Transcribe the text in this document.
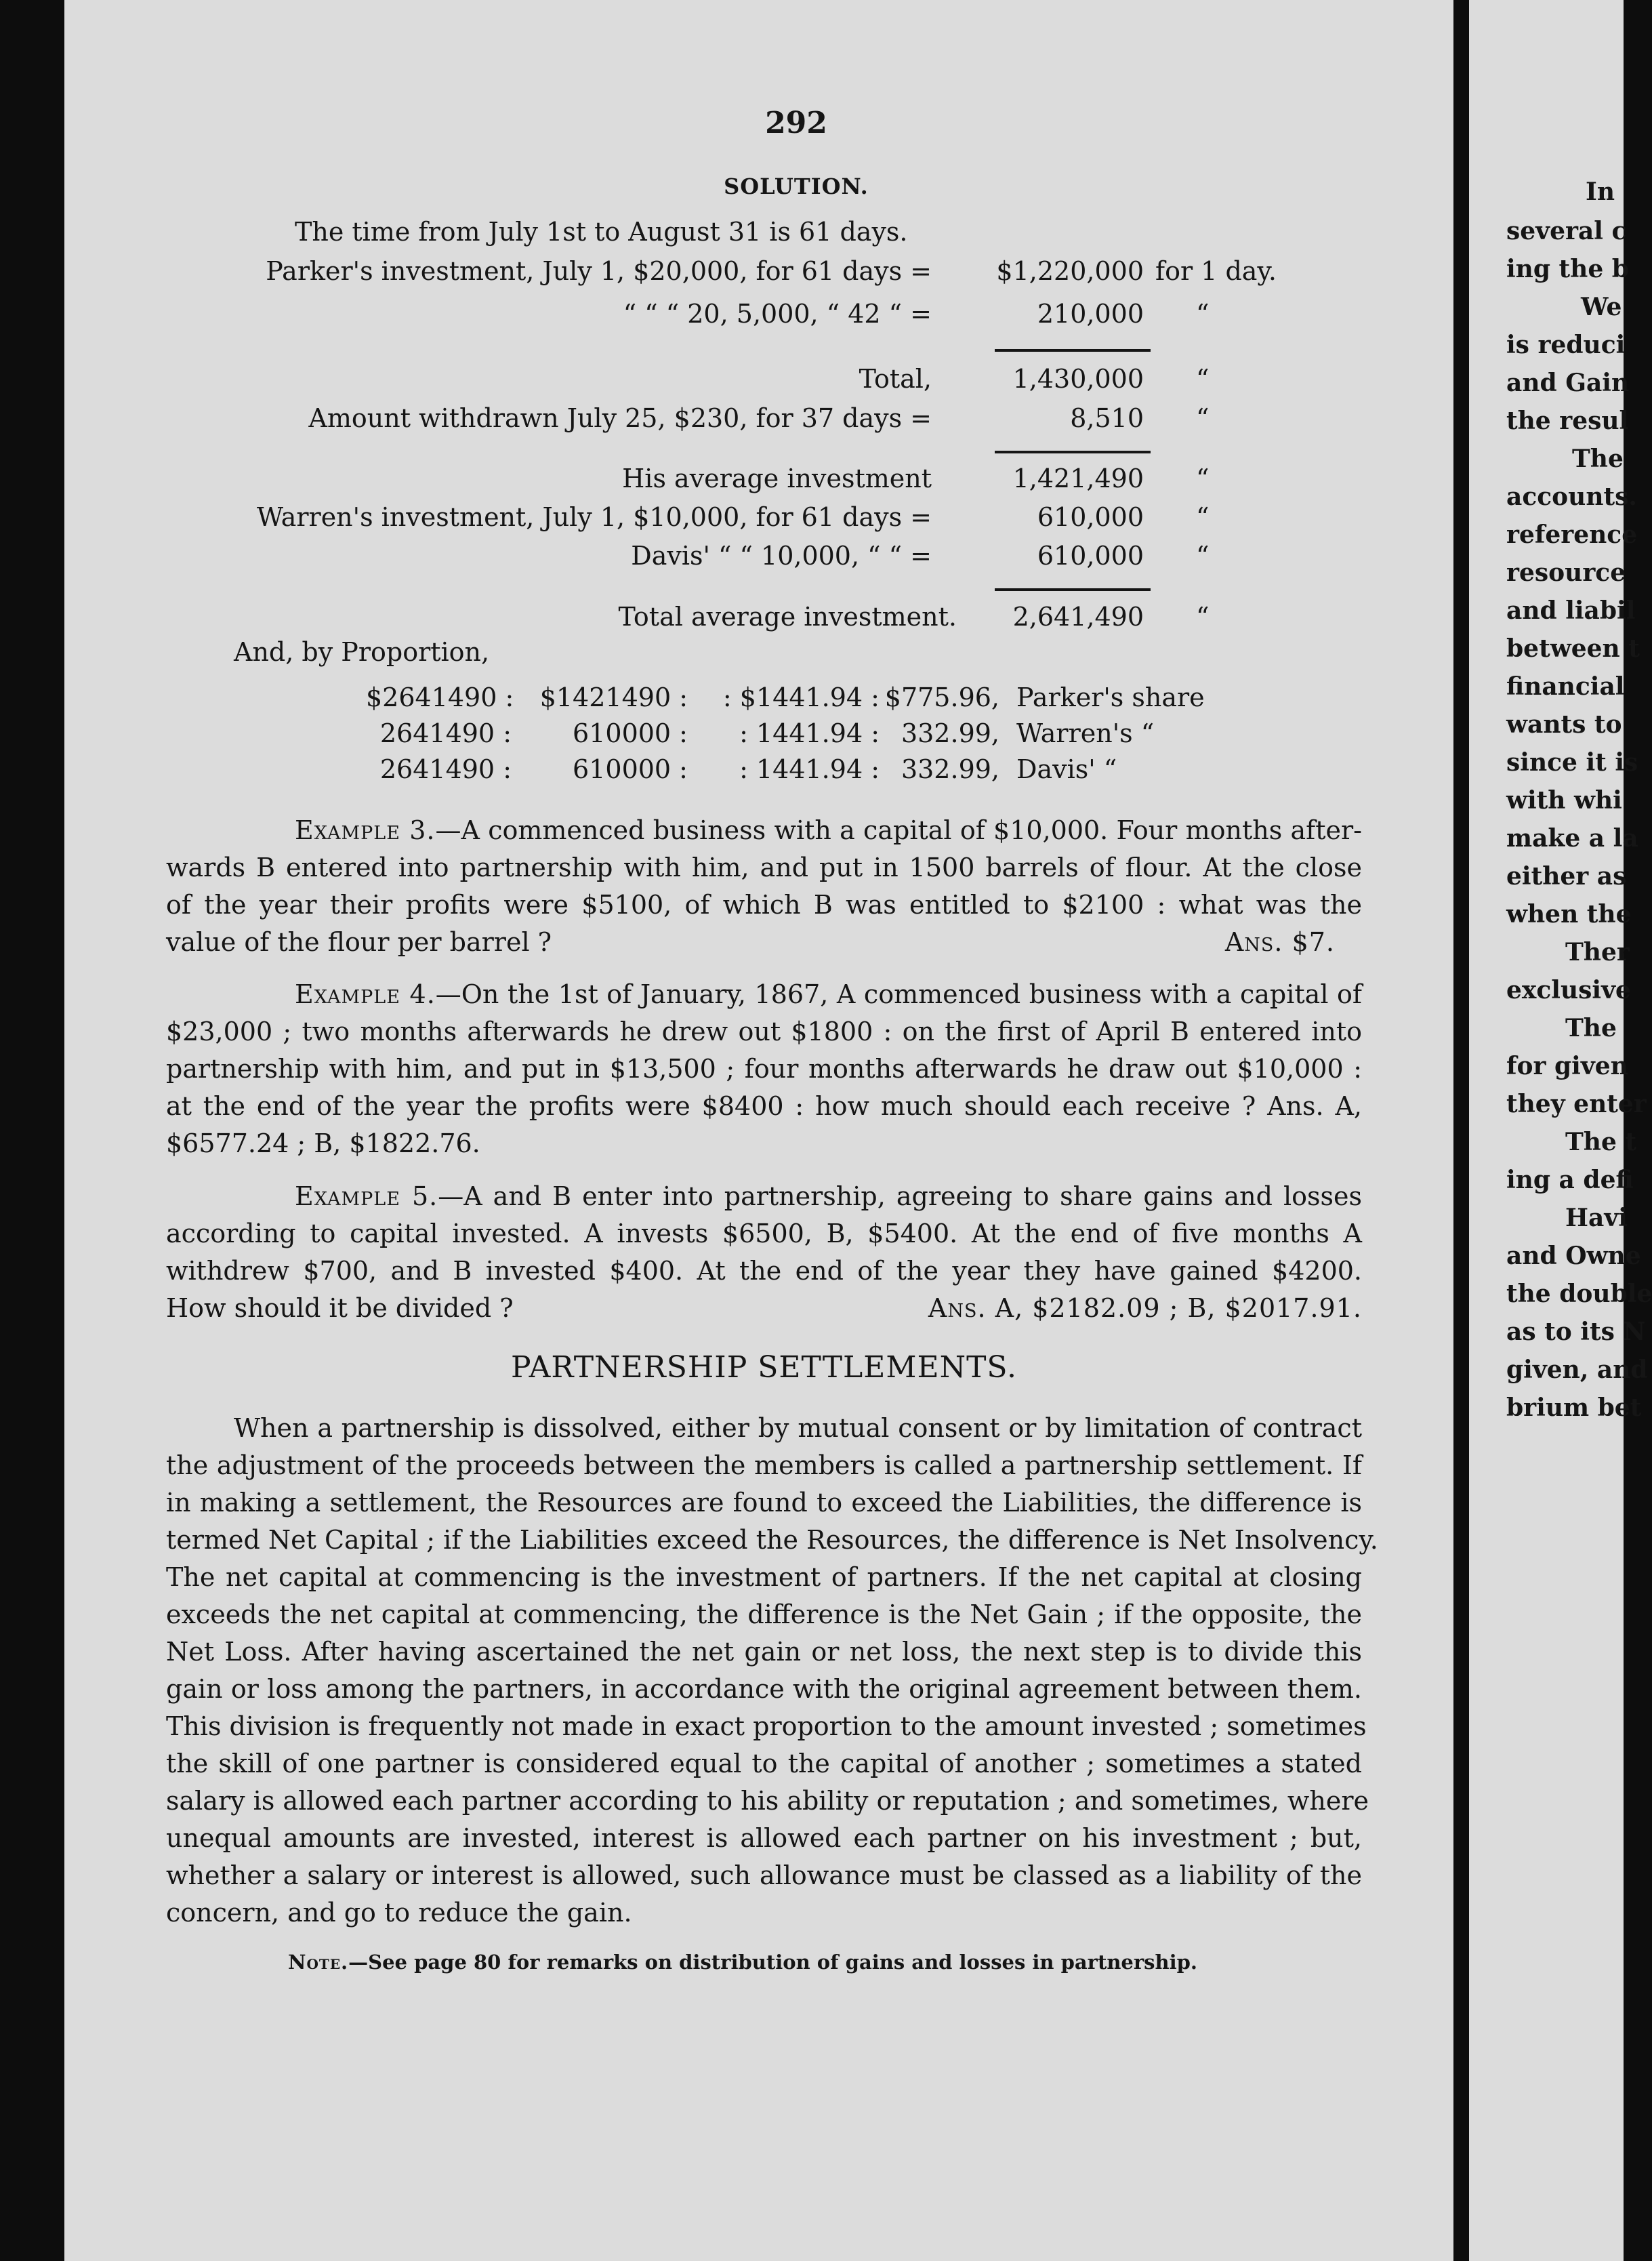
292
SOLUTION.
The time from July 1st to August 31 is 61 days.
Parker's investment, July 1, $20,000, for 61 days =	$1,220,000 for 1 day.
“ “ “ 20, 5,000, “ 42 “ =	210,000 “
Total,	1,430,000 “
Amount withdrawn July 25, $230, for 37 days =	8,510 “
His average investment	1,421,490 “
Warren's investment, July 1, $10,000, for 61 days =	610,000 “
Davis' “ “ 10,000, “ “ =	610,000 “
Total average investment.	2,641,490 “
And, by Proportion,
$2641490 :	$1421490 :	: $1441.94 : $775.96, Parker's share
2641490 :	610000 :	: 1441.94 : 332.99, Warren's “
2641490 :	610000 :	: 1441.94 : 332.99, Davis' “
Example 3.—A commenced business with a capital of $10,000. Four months after-
wards B entered into partnership with him, and put in 1500 barrels of flour. At the close
of the year their profits were $5100, of which B was entitled to $2100 : what was the
value of the flour per barrel ?	Ans. $7.
Example 4.—On the 1st of January, 1867, A commenced business with a capital of
$23,000 ; two months afterwards he drew out $1800 : on the first of April B entered into
partnership with him, and put in $13,500 ; four months afterwards he draw out $10,000 :
at the end of the year the profits were $8400 : how much should each receive ? Ans. A,
$6577.24 ; B, $1822.76.
Example 5.—A and B enter into partnership, agreeing to share gains and losses
according to capital invested. A invests $6500, B, $5400. At the end of five months A
withdrew $700, and B invested $400. At the end of the year they have gained $4200.
How should it be divided ?	Ans. A, $2182.09 ; B, $2017.91.
PARTNERSHIP SETTLEMENTS.
When a partnership is dissolved, either by mutual consent or by limitation of contract
the adjustment of the proceeds between the members is called a partnership settlement. If
in making a settlement, the Resources are found to exceed the Liabilities, the difference is
termed Net Capital ; if the Liabilities exceed the Resources, the difference is Net Insolvency.
The net capital at commencing is the investment of partners. If the net capital at closing
exceeds the net capital at commencing, the difference is the Net Gain ; if the opposite, the
Net Loss. After having ascertained the net gain or net loss, the next step is to divide this
gain or loss among the partners, in accordance with the original agreement between them.
This division is frequently not made in exact proportion to the amount invested ; sometimes
the skill of one partner is considered equal to the capital of another ; sometimes a stated
salary is allowed each partner according to his ability or reputation ; and sometimes, where
unequal amounts are invested, interest is allowed each partner on his investment ; but,
whether a salary or interest is allowed, such allowance must be classed as a liability of the
concern, and go to reduce the gain.
Note.—See page 80 for remarks on distribution of gains and losses in partnership.
In
several c
ing the b
We
is reduci
and Gain
the resul
The
accounts.
reference
resource
and liabil
between t
financial
wants to
since it is
with whi
make a la
either as
when the
Ther
exclusive
The
for given
they enter
The t
ing a defi
Havi
and Owne
the double
as to its N
given, and
brium bet
